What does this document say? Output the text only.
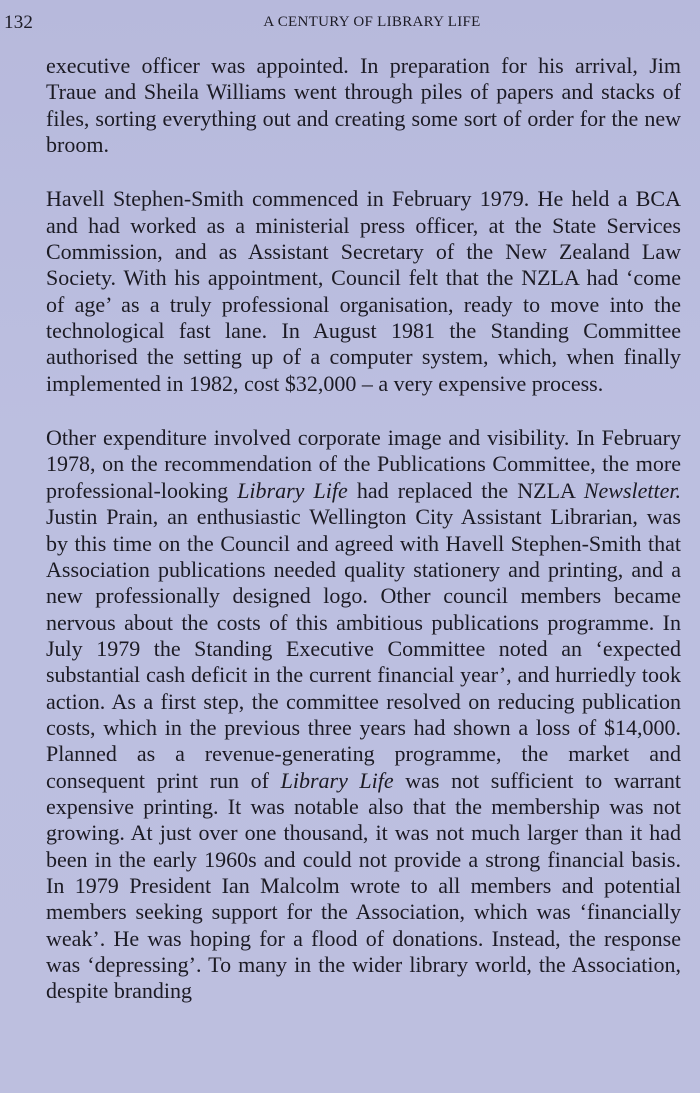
132	A CENTURY OF LIBRARY LIFE

executive officer was appointed. In preparation for his arrival, Jim Traue and Sheila Williams went through piles of papers and stacks of files, sorting everything out and creating some sort of order for the new broom.

Havell Stephen-Smith commenced in February 1979. He held a BCA and had worked as a ministerial press officer, at the State Services Commission, and as Assistant Secretary of the New Zealand Law Society. With his appointment, Council felt that the NZLA had ‘come of age’ as a truly professional organisation, ready to move into the technological fast lane. In August 1981 the Standing Committee authorised the setting up of a computer system, which, when finally implemented in 1982, cost $32,000 – a very expensive process.

Other expenditure involved corporate image and visibility. In February 1978, on the recommendation of the Publications Committee, the more professional-looking Library Life had replaced the NZLA Newsletter. Justin Prain, an enthusiastic Wellington City Assistant Librarian, was by this time on the Council and agreed with Havell Stephen-Smith that Association publications needed quality stationery and printing, and a new professionally designed logo. Other council members became nervous about the costs of this ambitious publications programme. In July 1979 the Standing Executive Committee noted an ‘expected substantial cash deficit in the current financial year’, and hurriedly took action. As a first step, the committee resolved on reducing publication costs, which in the previous three years had shown a loss of $14,000. Planned as a revenue-generating programme, the market and consequent print run of Library Life was not sufficient to warrant expensive printing. It was notable also that the membership was not growing. At just over one thousand, it was not much larger than it had been in the early 1960s and could not provide a strong financial basis. In 1979 President Ian Malcolm wrote to all members and potential members seeking support for the Association, which was ‘financially weak’. He was hoping for a flood of donations. Instead, the response was ‘depressing’. To many in the wider library world, the Association, despite branding
